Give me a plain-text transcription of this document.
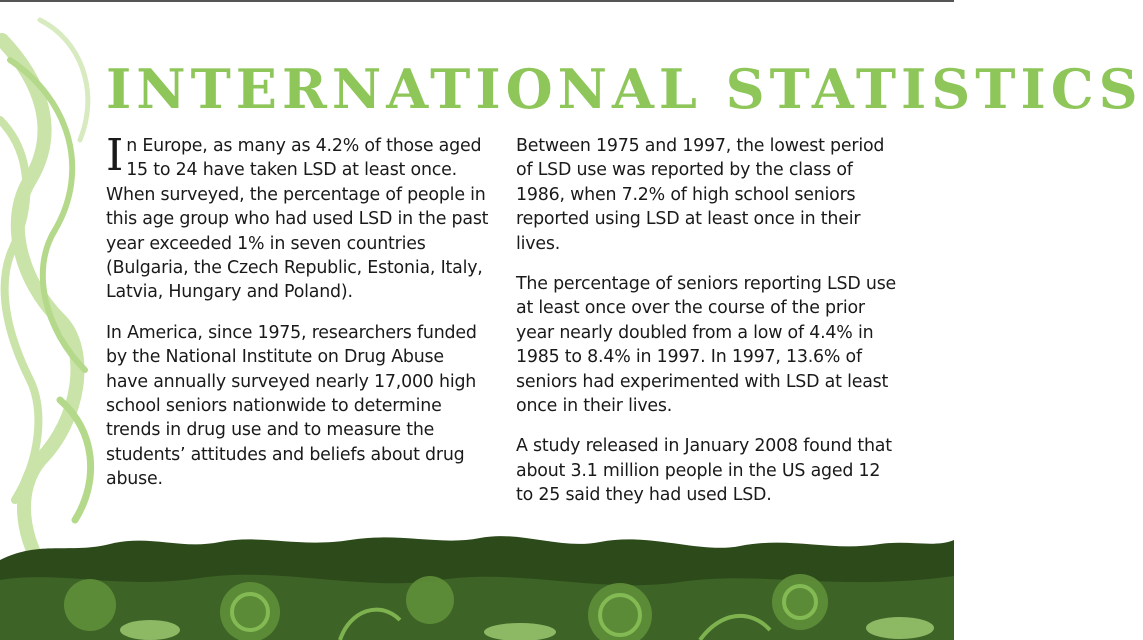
INTERNATIONAL STATISTICS

In Europe, as many as 4.2% of those aged 15 to 24 have taken LSD at least once. When surveyed, the percentage of people in this age group who had used LSD in the past year exceeded 1% in seven countries (Bulgaria, the Czech Republic, Estonia, Italy, Latvia, Hungary and Poland).

In America, since 1975, researchers funded by the National Institute on Drug Abuse have annually surveyed nearly 17,000 high school seniors nationwide to determine trends in drug use and to measure the students’ attitudes and beliefs about drug abuse.

Between 1975 and 1997, the lowest period of LSD use was reported by the class of 1986, when 7.2% of high school seniors reported using LSD at least once in their lives.

The percentage of seniors reporting LSD use at least once over the course of the prior year nearly doubled from a low of 4.4% in 1985 to 8.4% in 1997. In 1997, 13.6% of seniors had experimented with LSD at least once in their lives.

A study released in January 2008 found that about 3.1 million people in the US aged 12 to 25 said they had used LSD.
